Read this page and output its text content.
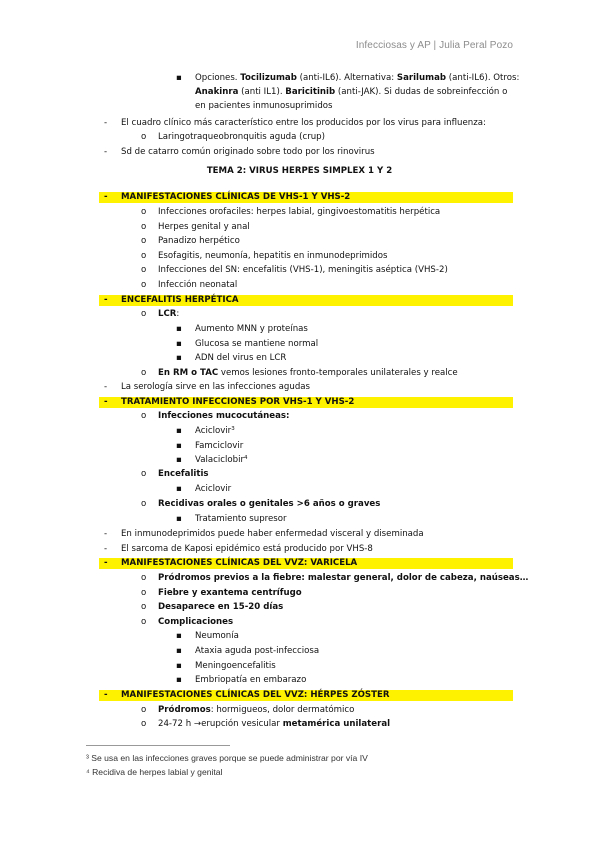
Infecciosas y AP | Julia Peral Pozo
▪ Opciones. Tocilizumab (anti-IL6). Alternativa: Sarilumab (anti-IL6). Otros:
Anakinra (anti IL1). Baricitinib (anti-JAK). Si dudas de sobreinfección o
en pacientes inmunosuprimidos
- El cuadro clínico más característico entre los producidos por los virus para influenza:
o Laringotraqueobronquitis aguda (crup)
- Sd de catarro común originado sobre todo por los rinovirus
TEMA 2: VIRUS HERPES SIMPLEX 1 Y 2
- MANIFESTACIONES CLÍNICAS DE VHS-1 Y VHS-2
o Infecciones orofaciles: herpes labial, gingivoestomatitis herpética
o Herpes genital y anal
o Panadizo herpético
o Esofagitis, neumonía, hepatitis en inmunodeprimidos
o Infecciones del SN: encefalitis (VHS-1), meningitis aséptica (VHS-2)
o Infección neonatal
- ENCEFALITIS HERPÉTICA
o LCR:
▪ Aumento MNN y proteínas
▪ Glucosa se mantiene normal
▪ ADN del virus en LCR
o En RM o TAC vemos lesiones fronto-temporales unilaterales y realce
- La serología sirve en las infecciones agudas
- TRATAMIENTO INFECCIONES POR VHS-1 Y VHS-2
o Infecciones mucocutáneas:
▪ Aciclovir$^3$
▪ Famciclovir
▪ Valaciclobir$^4$
o Encefalitis
▪ Aciclovir
o Recidivas orales o genitales >6 años o graves
▪ Tratamiento supresor
- En inmunodeprimidos puede haber enfermedad visceral y diseminada
- El sarcoma de Kaposi epidémico está producido por VHS-8
- MANIFESTACIONES CLÍNICAS DEL VVZ: VARICELA
o Pródromos previos a la fiebre: malestar general, dolor de cabeza, naúseas…
o Fiebre y exantema centrífugo
o Desaparece en 15-20 días
o Complicaciones
▪ Neumonía
▪ Ataxia aguda post-infecciosa
▪ Meningoencefalitis
▪ Embriopatía en embarazo
- MANIFESTACIONES CLÍNICAS DEL VVZ: HÉRPES ZÓSTER
o Pródromos: hormigueos, dolor dermatómico
o 24-72 h →erupción vesicular metamérica unilateral
³ Se usa en las infecciones graves porque se puede administrar por vía IV
⁴ Recidiva de herpes labial y genital
